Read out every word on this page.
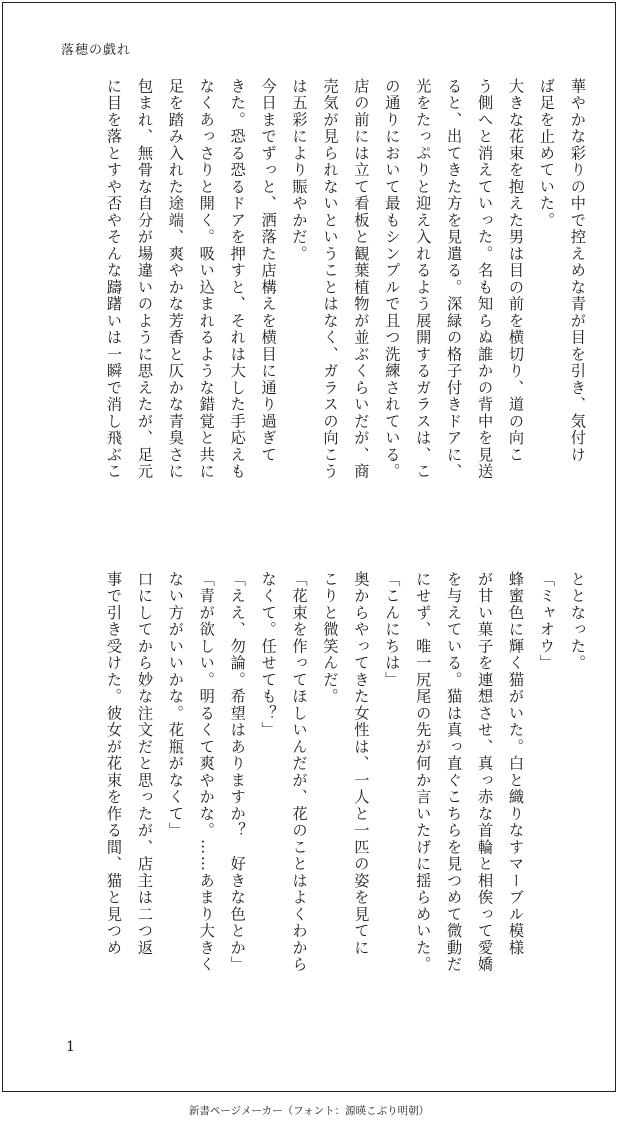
落穂の戯れ
華やかな彩りの中で控えめな青が目を引き、気付け
ば足を止めていた。
大きな花束を抱えた男は目の前を横切り、道の向こ
う側へと消えていった。名も知らぬ誰かの背中を見送
ると、出てきた方を見遣る。深緑の格子付きドアに、
光をたっぷりと迎え入れるよう展開するガラスは、こ
の通りにおいて最もシンプルで且つ洗練されている。
店の前には立て看板と観葉植物が並ぶくらいだが、商
売気が見られないということはなく、ガラスの向こう
は五彩により賑やかだ。
今日までずっと、洒落た店構えを横目に通り過ぎて
きた。恐る恐るドアを押すと、それは大した手応えも
なくあっさりと開く。吸い込まれるような錯覚と共に
足を踏み入れた途端、爽やかな芳香と仄かな青臭さに
包まれ、無骨な自分が場違いのように思えたが、足元
に目を落とすや否やそんな躊躇いは一瞬で消し飛ぶこ
ととなった。
「ミャオウ」
蜂蜜色に輝く猫がいた。白と織りなすマーブル模様
が甘い菓子を連想させ、真っ赤な首輪と相俟って愛嬌
を与えている。猫は真っ直ぐこちらを見つめて微動だ
にせず、唯一尻尾の先が何か言いたげに揺らめいた。
「こんにちは」
奥からやってきた女性は、一人と一匹の姿を見てに
こりと微笑んだ。
「花束を作ってほしいんだが、花のことはよくわから
なくて。任せても？」
「ええ、勿論。希望はありますか？　好きな色とか」
「青が欲しい。明るくて爽やかな。……あまり大きく
ない方がいいかな。花瓶がなくて」
口にしてから妙な注文だと思ったが、店主は二つ返
事で引き受けた。彼女が花束を作る間、猫と見つめ
1
新書ページメーカー（フォント：源暎こぶり明朝）
